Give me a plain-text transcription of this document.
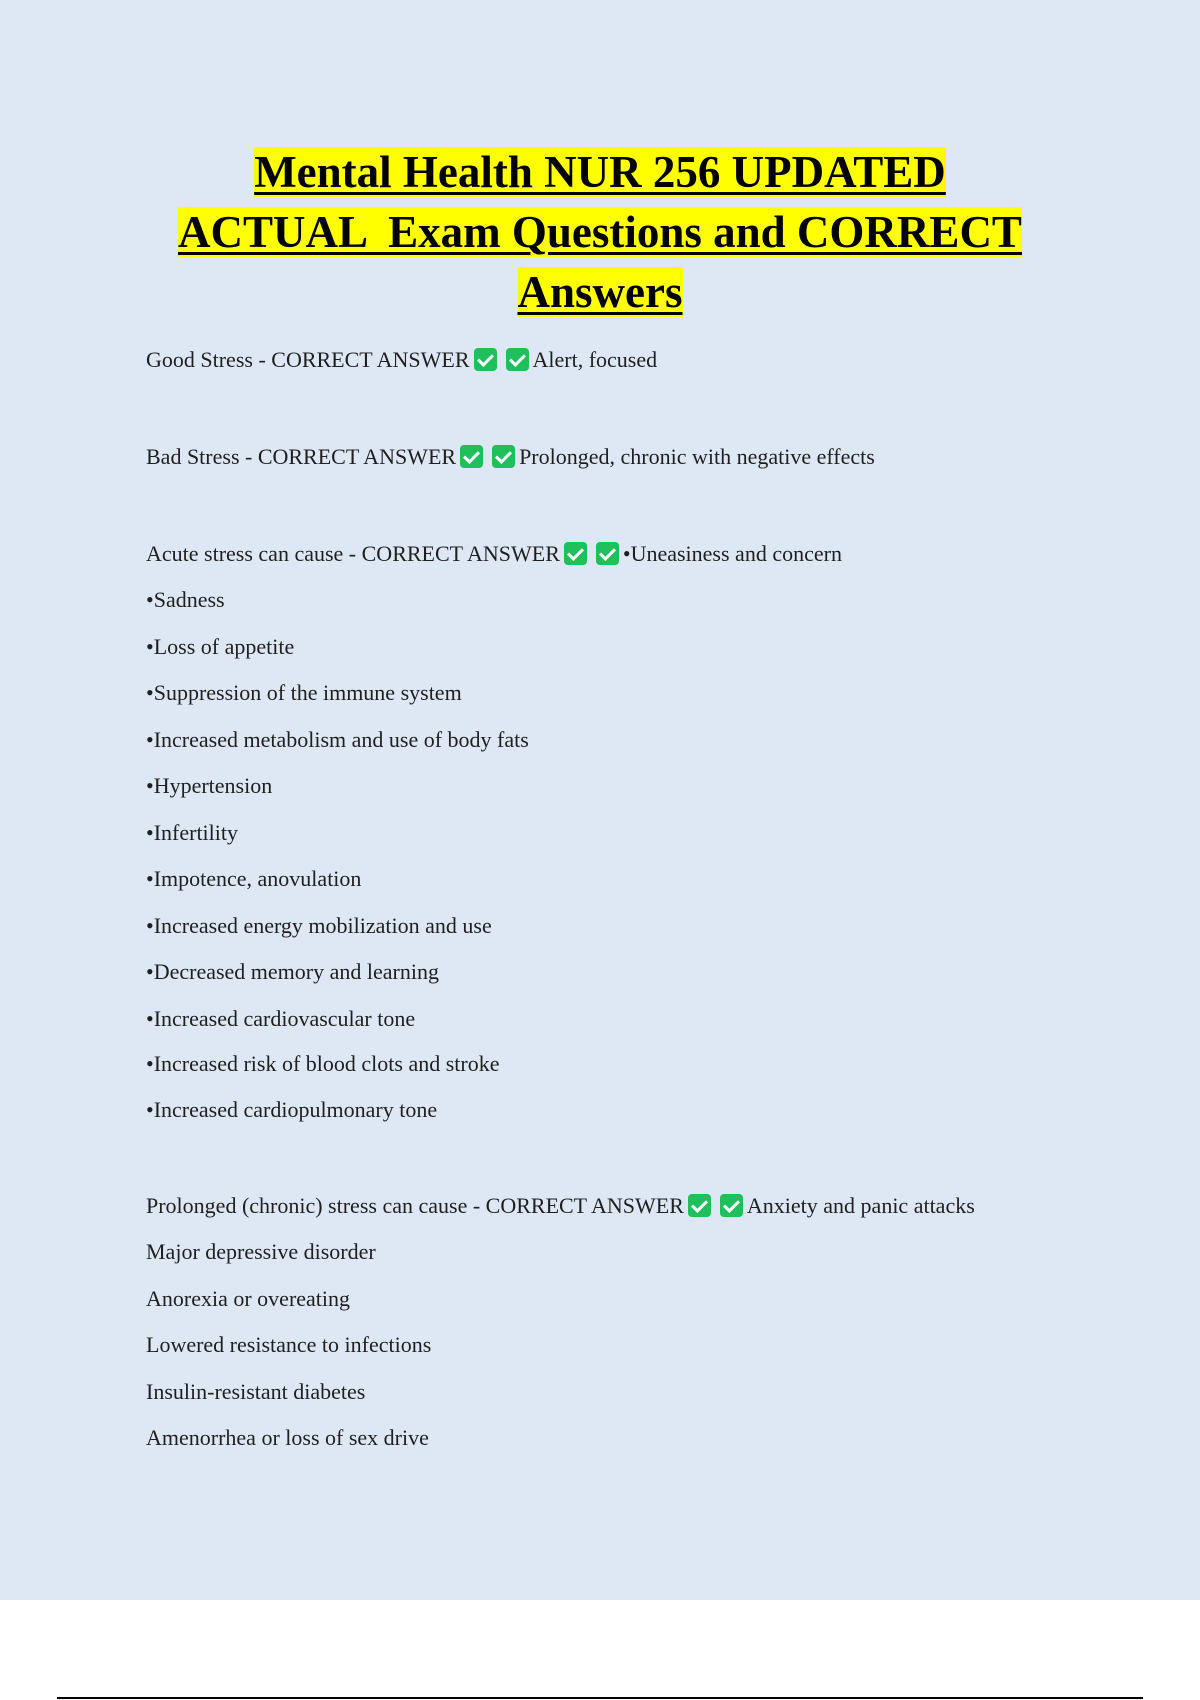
Mental Health NUR 256 UPDATED
ACTUAL  Exam Questions and CORRECT
Answers
Good Stress - CORRECT ANSWER	Alert, focused
Bad Stress - CORRECT ANSWER	Prolonged, chronic with negative effects
Acute stress can cause - CORRECT ANSWER	•Uneasiness and concern
•Sadness
•Loss of appetite
•Suppression of the immune system
•Increased metabolism and use of body fats
•Hypertension
•Infertility
•Impotence, anovulation
•Increased energy mobilization and use
•Decreased memory and learning
•Increased cardiovascular tone
•Increased risk of blood clots and stroke
•Increased cardiopulmonary tone
Prolonged (chronic) stress can cause - CORRECT ANSWER	Anxiety and panic attacks
Major depressive disorder
Anorexia or overeating
Lowered resistance to infections
Insulin-resistant diabetes
Amenorrhea or loss of sex drive
